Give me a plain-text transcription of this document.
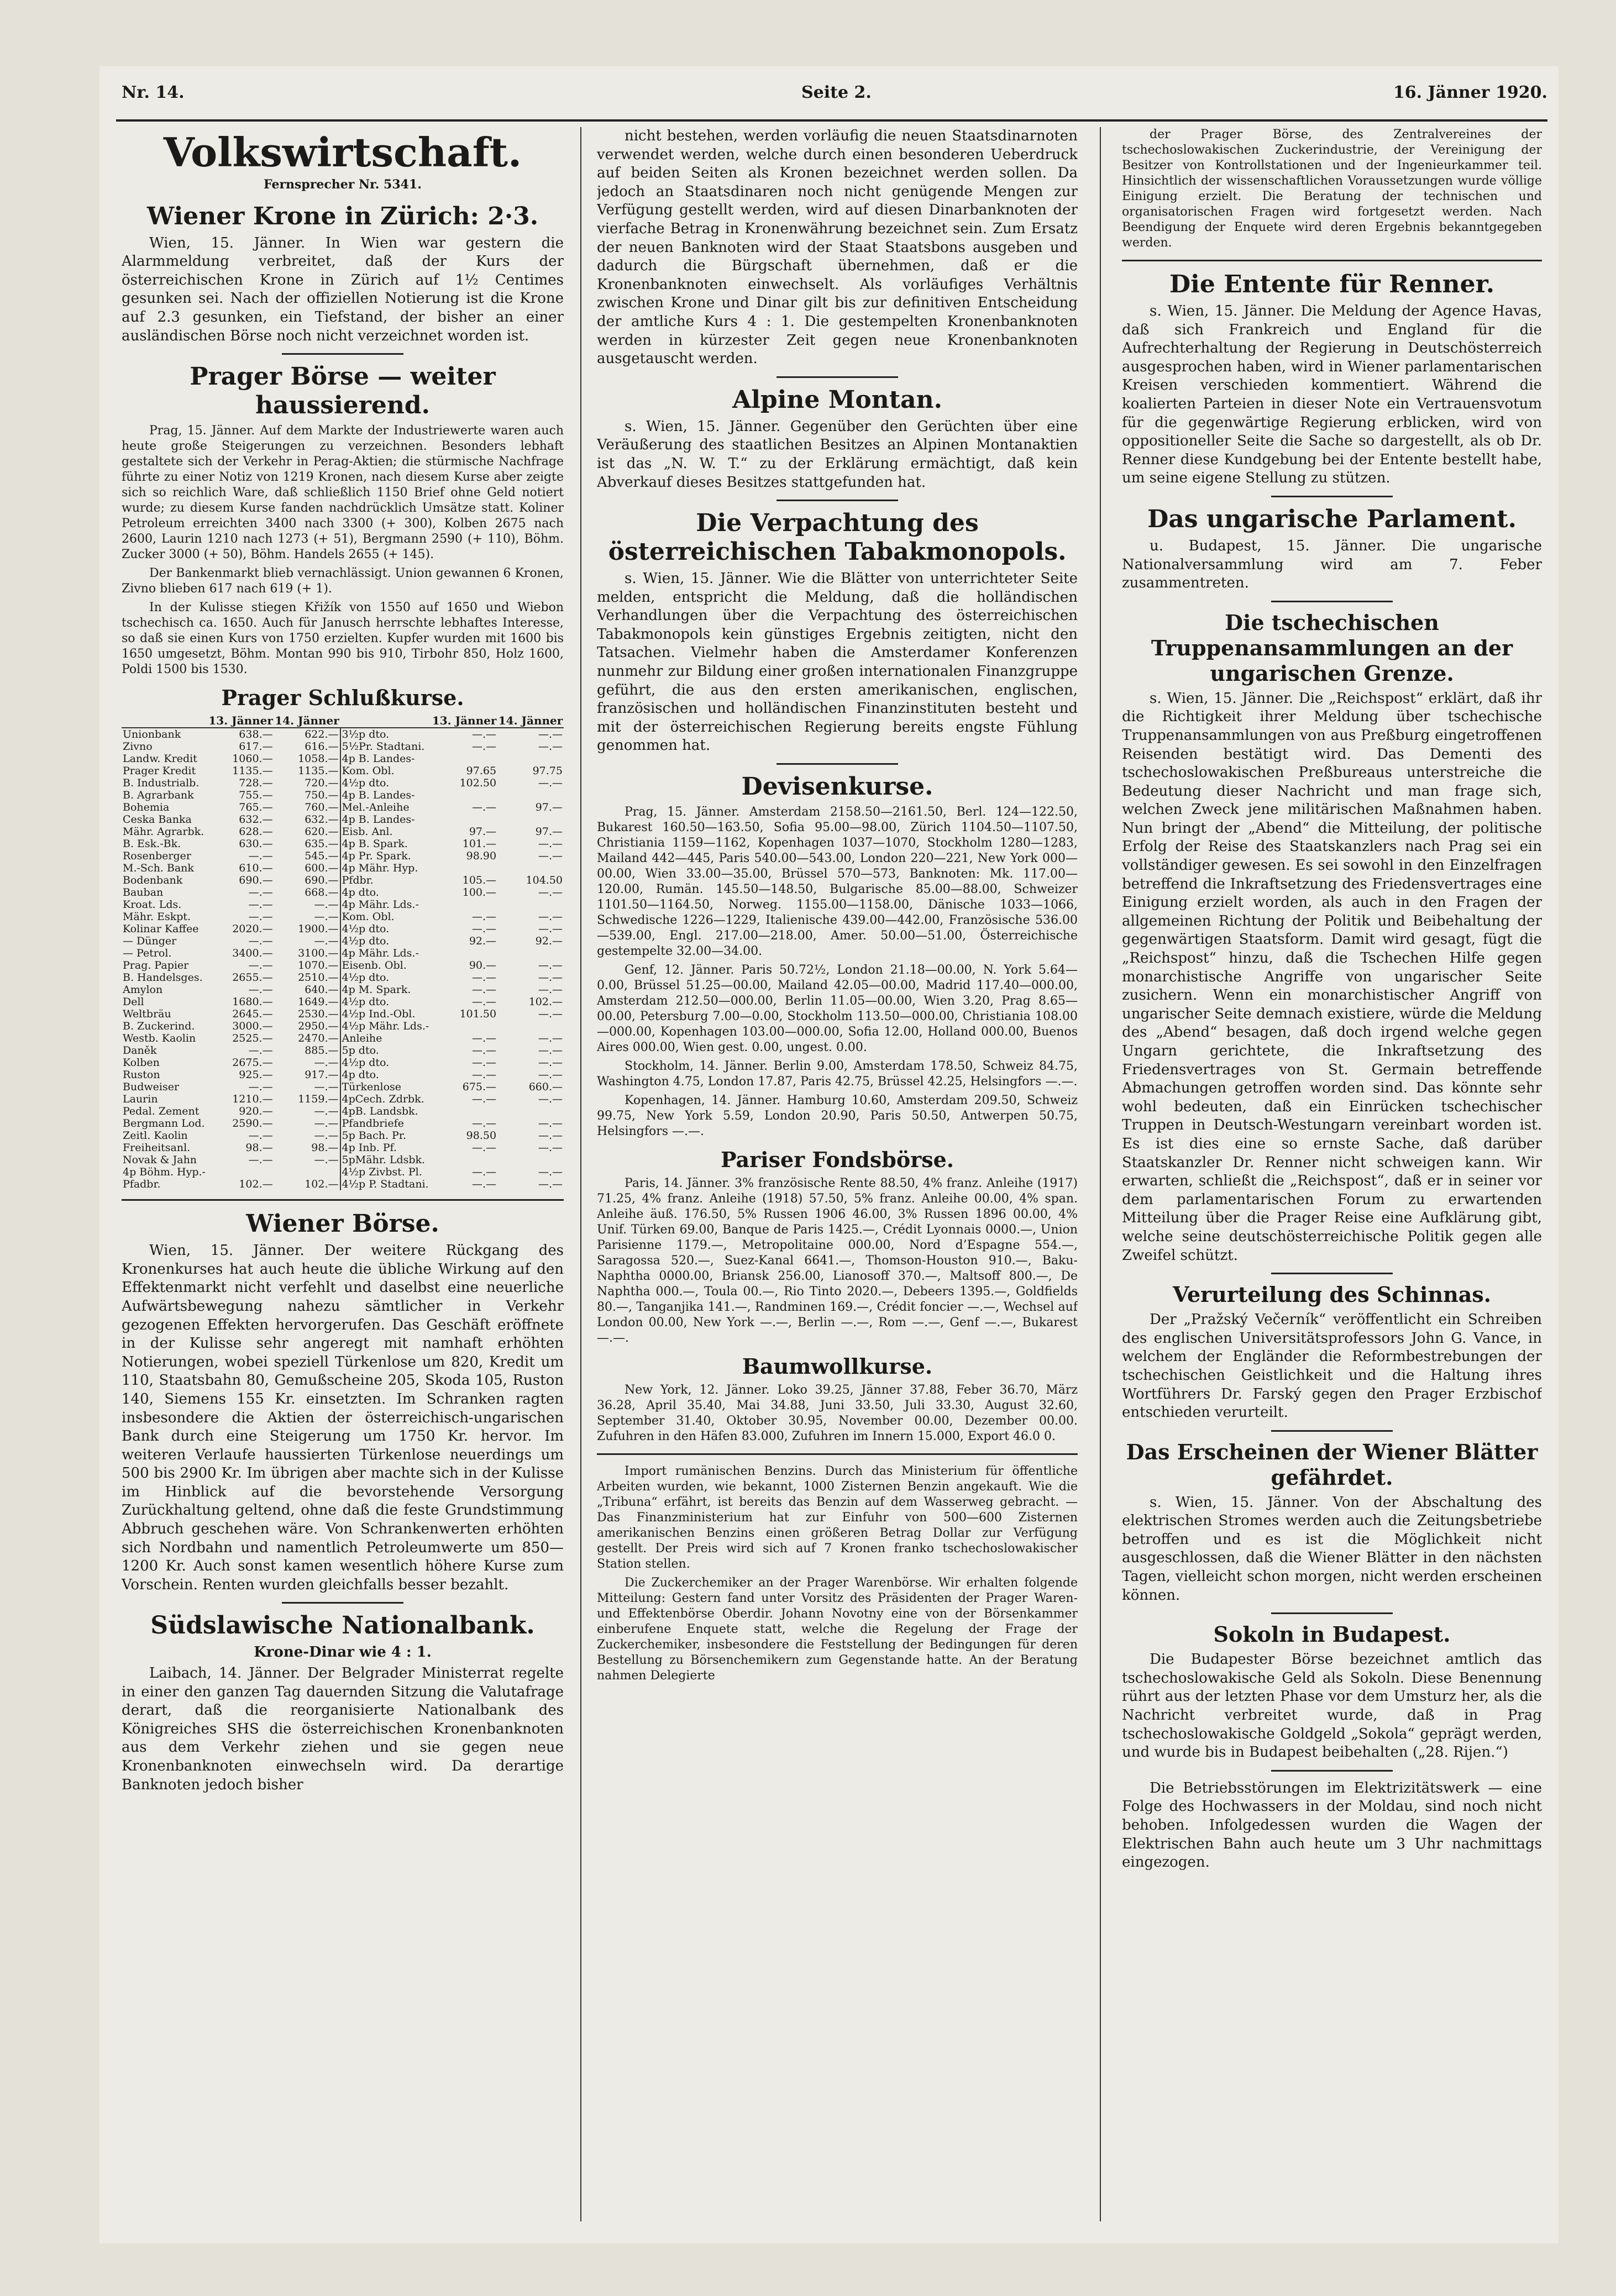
Nr. 14.	Seite 2.	16. Jänner 1920.
Volkswirtschaft.
Fernsprecher Nr. 5341.
Wiener Krone in Zürich: 2·3.

Wien, 15. Jänner. In Wien war gestern die Alarmmeldung verbreitet, daß der Kurs der österreichischen Krone in Zürich auf 1½ Centimes gesunken sei. Nach der offiziellen Notierung ist die Krone auf 2.3 gesunken, ein Tiefstand, der bisher an einer ausländischen Börse noch nicht verzeichnet worden ist.

Prager Börse — weiter haussierend.

Prag, 15. Jänner. Auf dem Markte der Industriewerte waren auch heute große Steigerungen zu verzeichnen. Besonders lebhaft gestaltete sich der Verkehr in Perag-Aktien; die stürmische Nachfrage führte zu einer Notiz von 1219 Kronen, nach diesem Kurse aber zeigte sich so reichlich Ware, daß schließlich 1150 Brief ohne Geld notiert wurde; zu diesem Kurse fanden nachdrücklich Umsätze statt. Koliner Petroleum erreichten 3400 nach 3300 (+ 300), Kolben 2675 nach 2600, Laurin 1210 nach 1273 (+ 51), Bergmann 2590 (+ 110), Böhm. Zucker 3000 (+ 50), Böhm. Handels 2655 (+ 145).

Der Bankenmarkt blieb vernachlässigt. Union gewannen 6 Kronen, Zivno blieben 617 nach 619 (+ 1).

In der Kulisse stiegen Křižík von 1550 auf 1650 und Wiebon tschechisch ca. 1650. Auch für Janusch herrschte lebhaftes Interesse, so daß sie einen Kurs von 1750 erzielten. Kupfer wurden mit 1600 bis 1650 umgesetzt, Böhm. Montan 990 bis 910, Tirbohr 850, Holz 1600, Poldi 1500 bis 1530.

Prager Schlußkurse.
	13. Jänner	14. Jänner		13. Jänner	14. Jänner
Unionbank	638.—	622.—	3½p dto.	—.—	—.—
Zivno	617.—	616.—	5½Pr. Stadtani.	—.—	—.—
Landw. Kredit	1060.—	1058.—	4p B. Landes-		
Prager Kredit	1135.—	1135.—	Kom. Obl.	97.65	97.75
B. Industrialb.	728.—	720.—	4½p dto.	102.50	—.—
B. Agrarbank	755.—	750.—	4p B. Landes-		
Bohemia	765.—	760.—	Mel.-Anleihe	—.—	97.—
Ceska Banka	632.—	632.—	4p B. Landes-		
Mähr. Agrarbk.	628.—	620.—	Eisb. Anl.	97.—	97.—
B. Esk.-Bk.	630.—	635.—	4p B. Spark.	101.—	—.—
Rosenberger	—.—	545.—	4p Pr. Spark.	98.90	—.—
M.-Sch. Bank	610.—	600.—	4p Mähr. Hyp.		
Bodenbank	690.—	690.—	Pfdbr.	105.—	104.50
Bauban	—.—	668.—	4p dto.	100.—	—.—
Kroat. Lds.	—.—	—.—	4p Mähr. Lds.-		
Mähr. Eskpt.	—.—	—.—	Kom. Obl.	—.—	—.—
Kolinar Kaffee	2020.—	1900.—	4½p dto.	—.—	—.—
— Dünger	—.—	—.—	4½p dto.	92.—	92.—
— Petrol.	3400.—	3100.—	4p Mähr. Lds.-		
Prag. Papier	—.—	1070.—	Eisenb. Obl.	90.—	—.—
B. Handelsges.	2655.—	2510.—	4½p dto.	—.—	—.—
Amylon	—.—	640.—	4p M. Spark.	—.—	—.—
Dell	1680.—	1649.—	4½p dto.	—.—	102.—
Weltbräu	2645.—	2530.—	4½p Ind.-Obl.	101.50	—.—
B. Zuckerind.	3000.—	2950.—	4½p Mähr. Lds.-		
Westb. Kaolin	2525.—	2470.—	Anleihe	—.—	—.—
Daněk	—.—	885.—	5p dto.	—.—	—.—
Kolben	2675.—	—.—	4½p dto.	—.—	—.—
Ruston	925.—	917.—	4p dto.	—.—	—.—
Budweiser	—.—	—.—	Türkenlose	675.—	660.—
Laurin	1210.—	1159.—	4pCech. Zdrbk.	—.—	—.—
Pedal. Zement	920.—	—.—	4pB. Landsbk.		
Bergmann Lod.	2590.—	—.—	Pfandbriefe	—.—	—.—
Zeitl. Kaolin	—.—	—.—	5p Bach. Pr.	98.50	—.—
Freiheitsanl.	98.—	98.—	4p Inb. Pf.	—.—	—.—
Novak & Jahn	—.—	—.—	5pMähr. Ldsbk.		
4p Böhm. Hyp.-			4½p Zivbst. Pl.	—.—	—.—
Pfadbr.	102.—	102.—	4½p P. Stadtani.	—.—	—.—
Wiener Börse.

Wien, 15. Jänner. Der weitere Rückgang des Kronenkurses hat auch heute die übliche Wirkung auf den Effektenmarkt nicht verfehlt und daselbst eine neuerliche Aufwärtsbewegung nahezu sämtlicher in Verkehr gezogenen Effekten hervorgerufen. Das Geschäft eröffnete in der Kulisse sehr angeregt mit namhaft erhöhten Notierungen, wobei speziell Türkenlose um 820, Kredit um 110, Staatsbahn 80, Gemußscheine 205, Skoda 105, Ruston 140, Siemens 155 Kr. einsetzten. Im Schranken ragten insbesondere die Aktien der österreichisch-ungarischen Bank durch eine Steigerung um 1750 Kr. hervor. Im weiteren Verlaufe haussierten Türkenlose neuerdings um 500 bis 2900 Kr. Im übrigen aber machte sich in der Kulisse im Hinblick auf die bevorstehende Versorgung Zurückhaltung geltend, ohne daß die feste Grundstimmung Abbruch geschehen wäre. Von Schrankenwerten erhöhten sich Nordbahn und namentlich Petroleumwerte um 850—1200 Kr. Auch sonst kamen wesentlich höhere Kurse zum Vorschein. Renten wurden gleichfalls besser bezahlt.

Südslawische Nationalbank.
Krone-Dinar wie 4 : 1.

Laibach, 14. Jänner. Der Belgrader Ministerrat regelte in einer den ganzen Tag dauernden Sitzung die Valutafrage derart, daß die reorganisierte Nationalbank des Königreiches SHS die österreichischen Kronenbanknoten aus dem Verkehr ziehen und sie gegen neue Kronenbanknoten einwechseln wird. Da derartige Banknoten jedoch bisher

nicht bestehen, werden vorläufig die neuen Staatsdinarnoten verwendet werden, welche durch einen besonderen Ueberdruck auf beiden Seiten als Kronen bezeichnet werden sollen. Da jedoch an Staatsdinaren noch nicht genügende Mengen zur Verfügung gestellt werden, wird auf diesen Dinarbanknoten der vierfache Betrag in Kronenwährung bezeichnet sein. Zum Ersatz der neuen Banknoten wird der Staat Staatsbons ausgeben und dadurch die Bürgschaft übernehmen, daß er die Kronenbanknoten einwechselt. Als vorläufiges Verhältnis zwischen Krone und Dinar gilt bis zur definitiven Entscheidung der amtliche Kurs 4 : 1. Die gestempelten Kronenbanknoten werden in kürzester Zeit gegen neue Kronenbanknoten ausgetauscht werden.

Alpine Montan.

s. Wien, 15. Jänner. Gegenüber den Gerüchten über eine Veräußerung des staatlichen Besitzes an Alpinen Montanaktien ist das „N. W. T.“ zu der Erklärung ermächtigt, daß kein Abverkauf dieses Besitzes stattgefunden hat.

Die Verpachtung des österreichischen Tabakmonopols.

s. Wien, 15. Jänner. Wie die Blätter von unterrichteter Seite melden, entspricht die Meldung, daß die holländischen Verhandlungen über die Verpachtung des österreichischen Tabakmonopols kein günstiges Ergebnis zeitigten, nicht den Tatsachen. Vielmehr haben die Amsterdamer Konferenzen nunmehr zur Bildung einer großen internationalen Finanzgruppe geführt, die aus den ersten amerikanischen, englischen, französischen und holländischen Finanzinstituten besteht und mit der österreichischen Regierung bereits engste Fühlung genommen hat.

Devisenkurse.

Prag, 15. Jänner. Amsterdam 2158.50—2161.50, Berl. 124—122.50, Bukarest 160.50—163.50, Sofia 95.00—98.00, Zürich 1104.50—1107.50, Christiania 1159—1162, Kopenhagen 1037—1070, Stockholm 1280—1283, Mailand 442—445, Paris 540.00—543.00, London 220—221, New York 000—00.00, Wien 33.00—35.00, Brüssel 570—573, Banknoten: Mk. 117.00—120.00, Rumän. 145.50—148.50, Bulgarische 85.00—88.00, Schweizer 1101.50—1164.50, Norweg. 1155.00—1158.00, Dänische 1033—1066, Schwedische 1226—1229, Italienische 439.00—442.00, Französische 536.00—539.00, Engl. 217.00—218.00, Amer. 50.00—51.00, Österreichische gestempelte 32.00—34.00.

Genf, 12. Jänner. Paris 50.72½, London 21.18—00.00, N. York 5.64—0.00, Brüssel 51.25—00.00, Mailand 42.05—00.00, Madrid 117.40—000.00, Amsterdam 212.50—000.00, Berlin 11.05—00.00, Wien 3.20, Prag 8.65—00.00, Petersburg 7.00—0.00, Stockholm 113.50—000.00, Christiania 108.00—000.00, Kopenhagen 103.00—000.00, Sofia 12.00, Holland 000.00, Buenos Aires 000.00, Wien gest. 0.00, ungest. 0.00.

Stockholm, 14. Jänner. Berlin 9.00, Amsterdam 178.50, Schweiz 84.75, Washington 4.75, London 17.87, Paris 42.75, Brüssel 42.25, Helsingfors —.—.

Kopenhagen, 14. Jänner. Hamburg 10.60, Amsterdam 209.50, Schweiz 99.75, New York 5.59, London 20.90, Paris 50.50, Antwerpen 50.75, Helsingfors —.—.

Pariser Fondsbörse.

Paris, 14. Jänner. 3% französische Rente 88.50, 4% franz. Anleihe (1917) 71.25, 4% franz. Anleihe (1918) 57.50, 5% franz. Anleihe 00.00, 4% span. Anleihe äuß. 176.50, 5% Russen 1906 46.00, 3% Russen 1896 00.00, 4% Unif. Türken 69.00, Banque de Paris 1425.—, Crédit Lyonnais 0000.—, Union Parisienne 1179.—, Metropolitaine 000.00, Nord d’Espagne 554.—, Saragossa 520.—, Suez-Kanal 6641.—, Thomson-Houston 910.—, Baku-Naphtha 0000.00, Briansk 256.00, Lianosoff 370.—, Maltsoff 800.—, De Naphtha 000.—, Toula 00.—, Rio Tinto 2020.—, Debeers 1395.—, Goldfields 80.—, Tanganjika 141.—, Randminen 169.—, Crédit foncier —.—, Wechsel auf London 00.00, New York —.—, Berlin —.—, Rom —.—, Genf —.—, Bukarest —.—.

Baumwollkurse.

New York, 12. Jänner. Loko 39.25, Jänner 37.88, Feber 36.70, März 36.28, April 35.40, Mai 34.88, Juni 33.50, Juli 33.30, August 32.60, September 31.40, Oktober 30.95, November 00.00, Dezember 00.00. Zufuhren in den Häfen 83.000, Zufuhren im Innern 15.000, Export 46.0 0.

Import rumänischen Benzins. Durch das Ministerium für öffentliche Arbeiten wurden, wie bekannt, 1000 Zisternen Benzin angekauft. Wie die „Tribuna“ erfährt, ist bereits das Benzin auf dem Wasserweg gebracht. — Das Finanzministerium hat zur Einfuhr von 500—600 Zisternen amerikanischen Benzins einen größeren Betrag Dollar zur Verfügung gestellt. Der Preis wird sich auf 7 Kronen franko tschechoslowakischer Station stellen.

Die Zuckerchemiker an der Prager Warenbörse. Wir erhalten folgende Mitteilung: Gestern fand unter Vorsitz des Präsidenten der Prager Waren- und Effektenbörse Oberdir. Johann Novotny eine von der Börsenkammer einberufene Enquete statt, welche die Regelung der Frage der Zuckerchemiker, insbesondere die Feststellung der Bedingungen für deren Bestellung zu Börsenchemikern zum Gegenstande hatte. An der Beratung nahmen Delegierte

der Prager Börse, des Zentralvereines der tschechoslowakischen Zuckerindustrie, der Vereinigung der Besitzer von Kontrollstationen und der Ingenieurkammer teil. Hinsichtlich der wissenschaftlichen Voraussetzungen wurde völlige Einigung erzielt. Die Beratung der technischen und organisatorischen Fragen wird fortgesetzt werden. Nach Beendigung der Enquete wird deren Ergebnis bekanntgegeben werden.

Die Entente für Renner.

s. Wien, 15. Jänner. Die Meldung der Agence Havas, daß sich Frankreich und England für die Aufrechterhaltung der Regierung in Deutschösterreich ausgesprochen haben, wird in Wiener parlamentarischen Kreisen verschieden kommentiert. Während die koalierten Parteien in dieser Note ein Vertrauensvotum für die gegenwärtige Regierung erblicken, wird von oppositioneller Seite die Sache so dargestellt, als ob Dr. Renner diese Kundgebung bei der Entente bestellt habe, um seine eigene Stellung zu stützen.

Das ungarische Parlament.

u. Budapest, 15. Jänner. Die ungarische Nationalversammlung wird am 7. Feber zusammentreten.

Die tschechischen Truppenansammlungen an der ungarischen Grenze.

s. Wien, 15. Jänner. Die „Reichspost“ erklärt, daß ihr die Richtigkeit ihrer Meldung über tschechische Truppenansammlungen von aus Preßburg eingetroffenen Reisenden bestätigt wird. Das Dementi des tschechoslowakischen Preßbureaus unterstreiche die Bedeutung dieser Nachricht und man frage sich, welchen Zweck jene militärischen Maßnahmen haben. Nun bringt der „Abend“ die Mitteilung, der politische Erfolg der Reise des Staatskanzlers nach Prag sei ein vollständiger gewesen. Es sei sowohl in den Einzelfragen betreffend die Inkraftsetzung des Friedensvertrages eine Einigung erzielt worden, als auch in den Fragen der allgemeinen Richtung der Politik und Beibehaltung der gegenwärtigen Staatsform. Damit wird gesagt, fügt die „Reichspost“ hinzu, daß die Tschechen Hilfe gegen monarchistische Angriffe von ungarischer Seite zusichern. Wenn ein monarchistischer Angriff von ungarischer Seite demnach existiere, würde die Meldung des „Abend“ besagen, daß doch irgend welche gegen Ungarn gerichtete, die Inkraftsetzung des Friedensvertrages von St. Germain betreffende Abmachungen getroffen worden sind. Das könnte sehr wohl bedeuten, daß ein Einrücken tschechischer Truppen in Deutsch-Westungarn vereinbart worden ist. Es ist dies eine so ernste Sache, daß darüber Staatskanzler Dr. Renner nicht schweigen kann. Wir erwarten, schließt die „Reichspost“, daß er in seiner vor dem parlamentarischen Forum zu erwartenden Mitteilung über die Prager Reise eine Aufklärung gibt, welche seine deutschösterreichische Politik gegen alle Zweifel schützt.

Verurteilung des Schinnas.

Der „Pražský Večerník“ veröffentlicht ein Schreiben des englischen Universitätsprofessors John G. Vance, in welchem der Engländer die Reformbestrebungen der tschechischen Geistlichkeit und die Haltung ihres Wortführers Dr. Farský gegen den Prager Erzbischof entschieden verurteilt.

Das Erscheinen der Wiener Blätter gefährdet.

s. Wien, 15. Jänner. Von der Abschaltung des elektrischen Stromes werden auch die Zeitungsbetriebe betroffen und es ist die Möglichkeit nicht ausgeschlossen, daß die Wiener Blätter in den nächsten Tagen, vielleicht schon morgen, nicht werden erscheinen können.

Sokoln in Budapest.

Die Budapester Börse bezeichnet amtlich das tschechoslowakische Geld als Sokoln. Diese Benennung rührt aus der letzten Phase vor dem Umsturz her, als die Nachricht verbreitet wurde, daß in Prag tschechoslowakische Goldgeld „Sokola“ geprägt werden, und wurde bis in Budapest beibehalten („28. Rijen.“)

Die Betriebsstörungen im Elektrizitätswerk — eine Folge des Hochwassers in der Moldau, sind noch nicht behoben. Infolgedessen wurden die Wagen der Elektrischen Bahn auch heute um 3 Uhr nachmittags eingezogen.
